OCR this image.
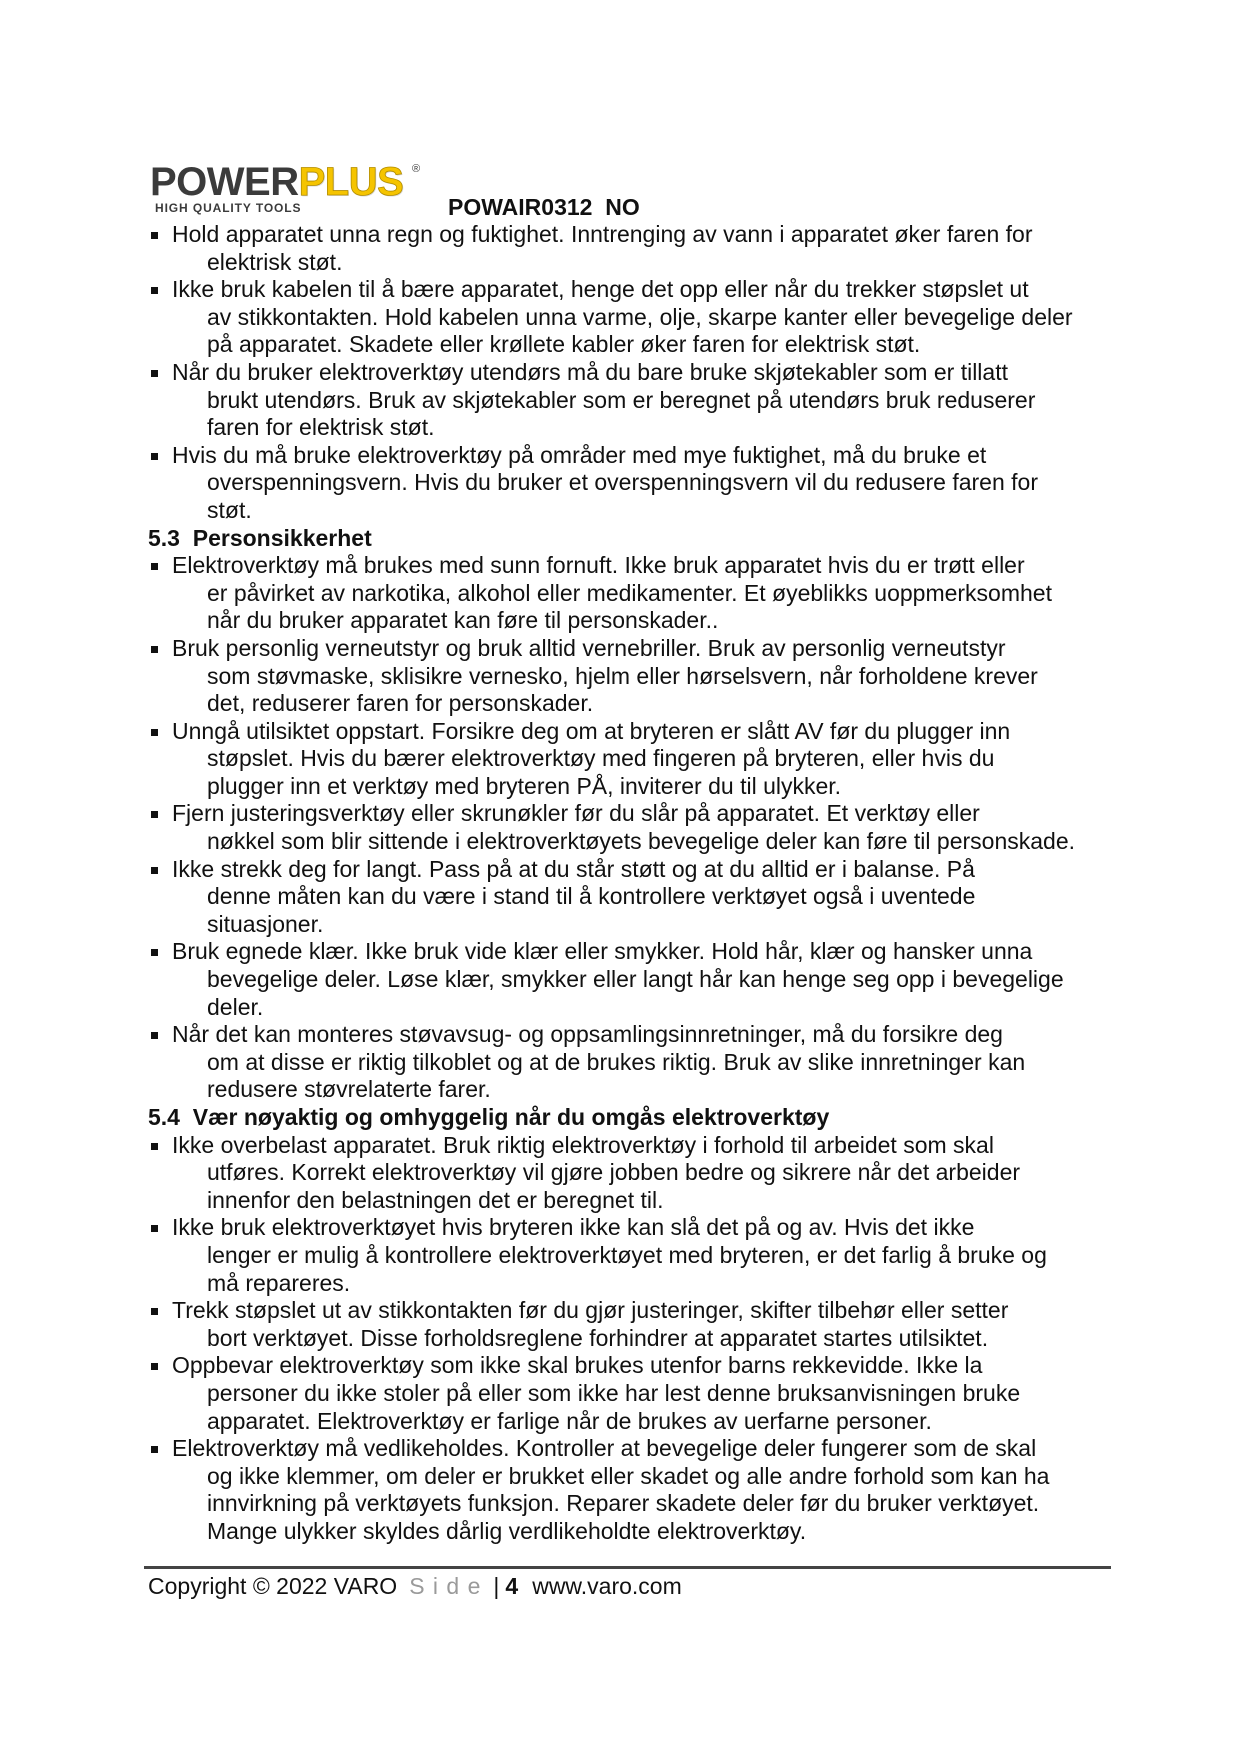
POWERPLUS ®
HIGH QUALITY TOOLS	POWAIR0312  NO
Hold apparatet unna regn og fuktighet. Inntrenging av vann i apparatet øker faren for
elektrisk støt.
Ikke bruk kabelen til å bære apparatet, henge det opp eller når du trekker støpslet ut
av stikkontakten. Hold kabelen unna varme, olje, skarpe kanter eller bevegelige deler
på apparatet. Skadete eller krøllete kabler øker faren for elektrisk støt.
Når du bruker elektroverktøy utendørs må du bare bruke skjøtekabler som er tillatt
brukt utendørs. Bruk av skjøtekabler som er beregnet på utendørs bruk reduserer
faren for elektrisk støt.
Hvis du må bruke elektroverktøy på områder med mye fuktighet, må du bruke et
overspenningsvern. Hvis du bruker et overspenningsvern vil du redusere faren for
støt.
5.3  Personsikkerhet
Elektroverktøy må brukes med sunn fornuft. Ikke bruk apparatet hvis du er trøtt eller
er påvirket av narkotika, alkohol eller medikamenter. Et øyeblikks uoppmerksomhet
når du bruker apparatet kan føre til personskader..
Bruk personlig verneutstyr og bruk alltid vernebriller. Bruk av personlig verneutstyr
som støvmaske, sklisikre vernesko, hjelm eller hørselsvern, når forholdene krever
det, reduserer faren for personskader.
Unngå utilsiktet oppstart. Forsikre deg om at bryteren er slått AV før du plugger inn
støpslet. Hvis du bærer elektroverktøy med fingeren på bryteren, eller hvis du
plugger inn et verktøy med bryteren PÅ, inviterer du til ulykker.
Fjern justeringsverktøy eller skrunøkler før du slår på apparatet. Et verktøy eller
nøkkel som blir sittende i elektroverktøyets bevegelige deler kan føre til personskade.
Ikke strekk deg for langt. Pass på at du står støtt og at du alltid er i balanse. På
denne måten kan du være i stand til å kontrollere verktøyet også i uventede
situasjoner.
Bruk egnede klær. Ikke bruk vide klær eller smykker. Hold hår, klær og hansker unna
bevegelige deler. Løse klær, smykker eller langt hår kan henge seg opp i bevegelige
deler.
Når det kan monteres støvavsug- og oppsamlingsinnretninger, må du forsikre deg
om at disse er riktig tilkoblet og at de brukes riktig. Bruk av slike innretninger kan
redusere støvrelaterte farer.
5.4  Vær nøyaktig og omhyggelig når du omgås elektroverktøy
Ikke overbelast apparatet. Bruk riktig elektroverktøy i forhold til arbeidet som skal
utføres. Korrekt elektroverktøy vil gjøre jobben bedre og sikrere når det arbeider
innenfor den belastningen det er beregnet til.
Ikke bruk elektroverktøyet hvis bryteren ikke kan slå det på og av. Hvis det ikke
lenger er mulig å kontrollere elektroverktøyet med bryteren, er det farlig å bruke og
må repareres.
Trekk støpslet ut av stikkontakten før du gjør justeringer, skifter tilbehør eller setter
bort verktøyet. Disse forholdsreglene forhindrer at apparatet startes utilsiktet.
Oppbevar elektroverktøy som ikke skal brukes utenfor barns rekkevidde. Ikke la
personer du ikke stoler på eller som ikke har lest denne bruksanvisningen bruke
apparatet. Elektroverktøy er farlige når de brukes av uerfarne personer.
Elektroverktøy må vedlikeholdes. Kontroller at bevegelige deler fungerer som de skal
og ikke klemmer, om deler er brukket eller skadet og alle andre forhold som kan ha
innvirkning på verktøyets funksjon. Reparer skadete deler før du bruker verktøyet.
Mange ulykker skyldes dårlig verdlikeholdte elektroverktøy.
Copyright © 2022 VARO S i d e | 4 www.varo.com
